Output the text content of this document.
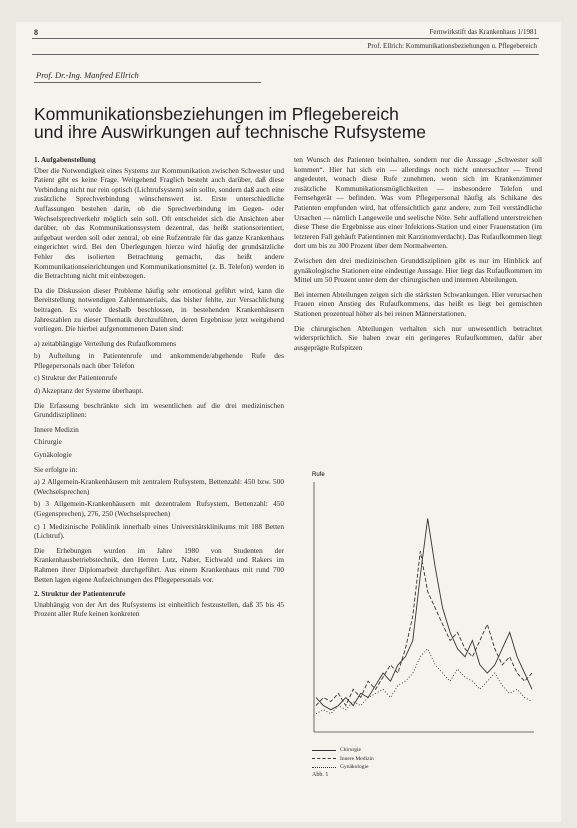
8	Fernwirkstift das Krankenhaus 1/1981
Prof. Ellrich: Kommunikationsbeziehungen u. Pflegebereich
Prof. Dr.-Ing. Manfred Ellrich
Kommunikationsbeziehungen im Pflegebereich
und ihre Auswirkungen auf technische Rufsysteme
1. Aufgabenstellung

Über die Notwendigkeit eines Systems zur Kommunikation zwischen Schwester und Patient gibt es keine Frage. Weitgehend Fraglich besteht auch darüber, daß diese Verbindung nicht nur rein optisch (Lichtrufsystem) sein sollte, sondern daß auch eine zusätzliche Sprechverbindung wünschenswert ist. Erste unterschiedliche Auffassungen bestehen darin, ob die Sprechverbindung im Gegen- oder Wechselsprechverkehr möglich sein soll. Oft entscheidet sich die Ansichten aber darüber, ob das Kommunikationssystem dezentral, das heißt stationsorientiert, aufgebaut werden soll oder zentral, ob eine Rufzentrale für das ganze Krankenhaus eingerichtet wird. Bei den Überlegungen hierzu wird häufig der grundsätzliche Fehler des isolierten Betrachtung gemacht, das heißt andere Kommunikationseinrichtungen und Kommunikationsmittel (z. B. Telefon) werden in die Betrachtung nicht mit einbezogen.

Da die Diskussion dieser Probleme häufig sehr emotional geführt wird, kann die Bereitstellung notwendigen Zahlenmaterials, das bisher fehlte, zur Versachlichung beitragen. Es wurde deshalb beschlossen, in bestehenden Krankenhäusern Jahreszahlen zu dieser Thematik durchzuführen, deren Ergebnisse jetzt weitgehend vorliegen. Die hierbei aufgenommenen Daten sind:

a) zeitabhängige Verteilung des Rufaufkommens

b) Aufteilung in Patientenrufe und ankommende/abgehende Rufe des Pflegepersonals nach über Telefon

c) Struktur der Patientenrufe

d) Akzeptanz der Systeme überhaupt.

Die Erfassung beschränkte sich im wesentlichen auf die drei medizinischen Grunddisziplinen:

Innere Medizin

Chirurgie

Gynäkologie

Sie erfolgte in:

a) 2 Allgemein-Krankenhäusern mit zentralem Rufsystem, Bettenzahl: 450 bzw. 500 (Wechselsprechen)

b) 3 Allgemein-Krankenhäusern mit dezentralem Rufsystem, Bettenzahl: 450 (Gegensprechen), 276, 250 (Wechselsprechen)

c) 1 Medizinische Poliklinik innerhalb eines Universitätsklinikums mit 188 Betten (Lichtruf).

Die Erhebungen wurden im Jahre 1980 von Studenten der Krankenhausbetriebstechnik, den Herren Lutz, Naber, Eichwald und Rakers im Rahmen ihrer Diplomarbeit durchgeführt. Aus einem Krankenhaus mit rund 700 Betten lagen eigene Aufzeichnungen des Pflegepersonals vor.

2. Struktur der Patientenrufe

Unabhängig von der Art des Rufsystems ist einheitlich festzustellen, daß 35 bis 45 Prozent aller Rufe keinen konkreten

ten Wunsch des Patienten beinhalten, sondern nur die Aussage „Schwester soll kommen“. Hier hat sich ein — allerdings noch nicht untersuchter — Trend angedeutet, wonach diese Rufe zunehmen, wenn sich im Krankenzimmer zusätzliche Kommunikationsmöglichkeiten — insbesondere Telefon und Fernsehgerät — befinden. Was vom Pflegepersonal häufig als Schikane des Patienten empfunden wird, hat offensichtlich ganz andere, zum Teil verständliche Ursachen — nämlich Langeweile und seelische Nöte. Sehr auffallend unterstreichen diese These die Ergebnisse aus einer Infektions-Station und einer Frauenstation (im letzteren Fall gehäuft Patientinnen mit Karzinomverdacht). Das Rufaufkommen liegt dort um bis zu 300 Prozent über dem Normalwerten.

Zwischen den drei medizinischen Grunddisziplinen gibt es nur im Hinblick auf gynäkologische Stationen eine eindeutige Aussage. Hier liegt das Rufaufkommen im Mittel um 50 Prozent unter dem der chirurgischen und internen Abteilungen.

Bei internen Abteilungen zeigen sich die stärksten Schwankungen. Hier verursachen Frauen einen Anstieg des Rufaufkommens, das heißt es liegt bei gemischten Stationen prozentual höher als bei reinen Männerstationen.

Die chirurgischen Abteilungen verhalten sich nur unwesentlich betrachtet widersprüchlich. Sie haben zwar ein geringeres Rufaufkommen, dafür aber ausgeprägte Rufspitzen

Rufe
Chirurgie
Innere Medizin
Gynäkologie
Abb. 1
